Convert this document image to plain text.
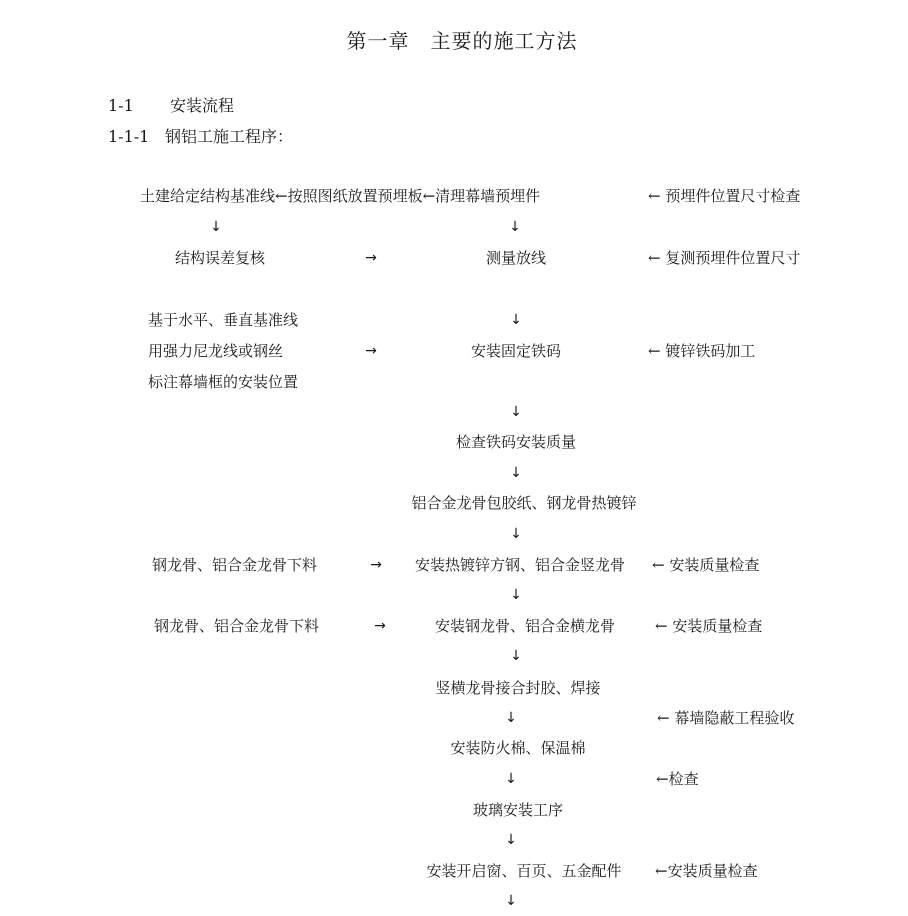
第一章　主要的施工方法
1-1 安装流程
1-1-1 钢铝工施工程序：
土建给定结构基准线←按照图纸放置预埋板←清理幕墙预埋件	← 预埋件位置尺寸检查
↓	↓
结构误差复核	→	测量放线	← 复测预埋件位置尺寸
基于水平、垂直基准线	↓
用强力尼龙线或钢丝	→	安装固定铁码	← 镀锌铁码加工
标注幕墙框的安装位置
↓
检查铁码安装质量
↓
铝合金龙骨包胶纸、钢龙骨热镀锌
↓
钢龙骨、铝合金龙骨下料	→ 安装热镀锌方钢、铝合金竖龙骨 ← 安装质量检查
↓
钢龙骨、铝合金龙骨下料	→	安装钢龙骨、铝合金横龙骨	← 安装质量检查
↓
竖横龙骨接合封胶、焊接
↓	← 幕墙隐蔽工程验收
安装防火棉、保温棉
↓	←检查
玻璃安装工序
↓
安装开启窗、百页、五金配件 ←安装质量检查
↓
